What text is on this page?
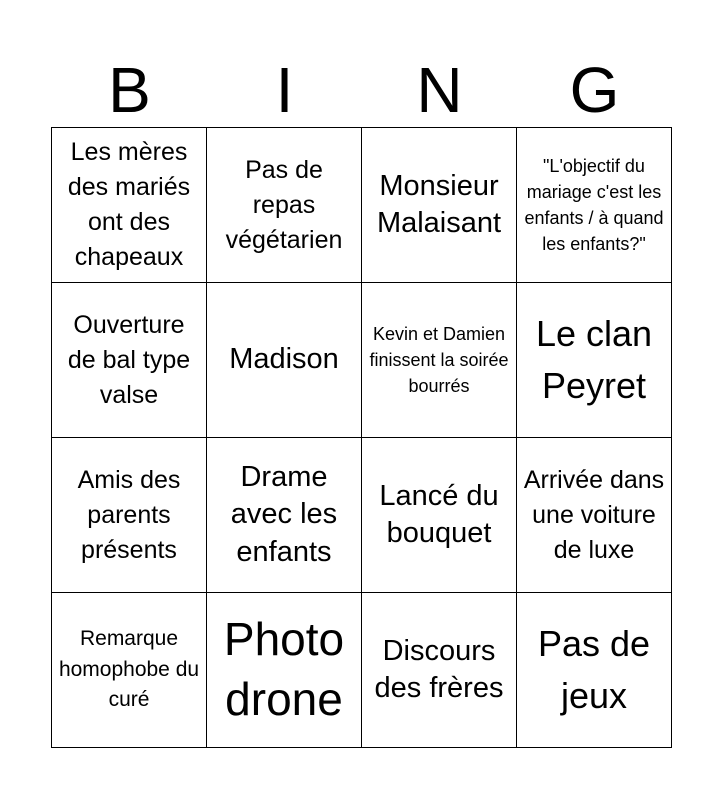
B	I	N	G
Les mères des mariés ont des chapeaux
Pas de repas végétarien
Monsieur Malaisant
"L'objectif du mariage c'est les enfants / à quand les enfants?"
Ouverture de bal type valse
Madison
Kevin et Damien finissent la soirée bourrés
Le clan Peyret
Amis des parents présents
Drame avec les enfants
Lancé du bouquet
Arrivée dans une voiture de luxe
Remarque homophobe du curé
Photo drone
Discours des frères
Pas de jeux
